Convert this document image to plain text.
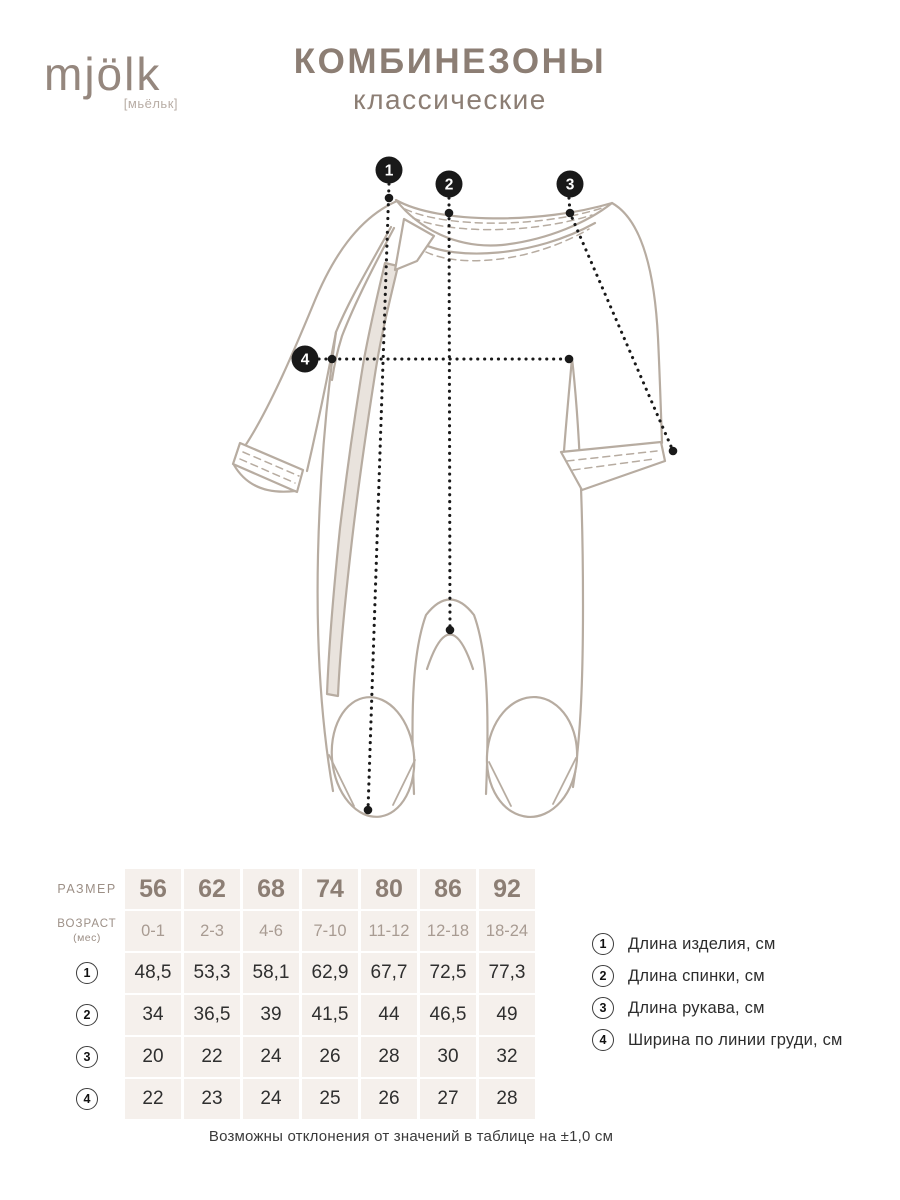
mjölk
[мьёльк]
КОМБИНЕЗОНЫ
классические
1
2	3
4
РАЗМЕР 56	62	68	74	80	86	92
ВОЗРАСТ
(мес)	0-1	2-3	4-6	7-10	11-12	12-18	18-24
1	48,5	53,3	58,1	62,9	67,7	72,5	77,3
2	34	36,5	39	41,5	44	46,5	49
3	20	22	24	26	28	30	32
4	22	23	24	25	26	27	28
1	Длина изделия, см
2	Длина спинки, см
3	Длина рукава, см
4	Ширина по линии груди, см
Возможны отклонения от значений в таблице на ±1,0 см
